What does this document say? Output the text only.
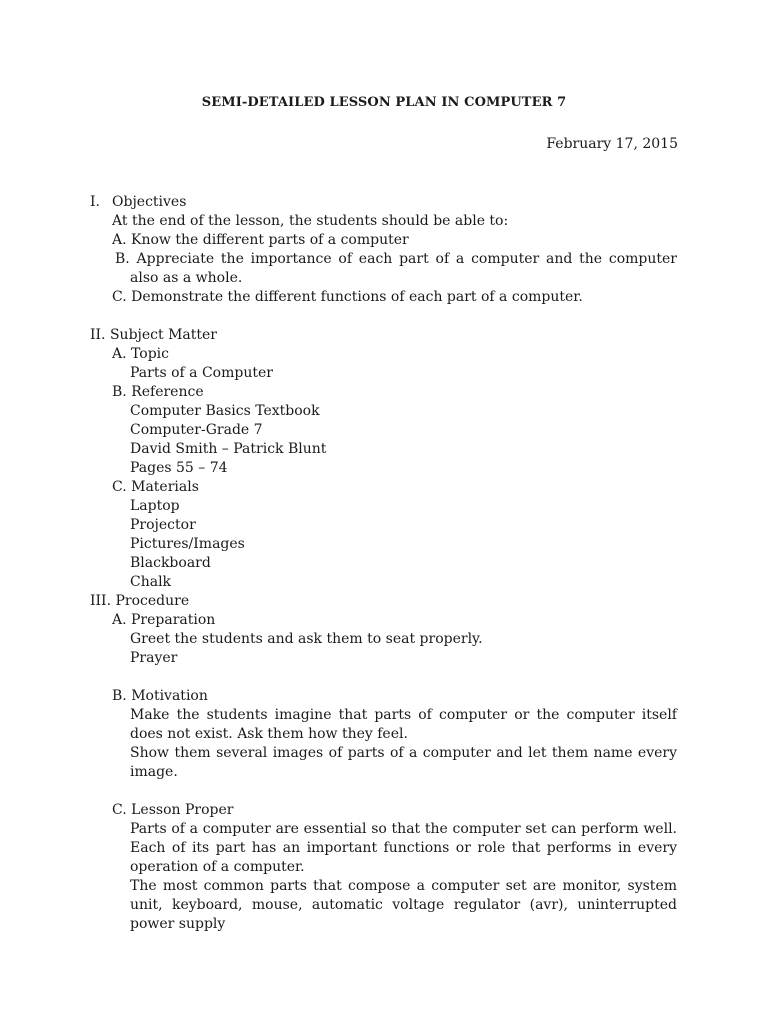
SEMI-DETAILED LESSON PLAN IN COMPUTER 7
February 17, 2015
I. Objectives
At the end of the lesson, the students should be able to:
A. Know the different parts of a computer
B. Appreciate the importance of each part of a computer and the computer also as a whole.
C. Demonstrate the different functions of each part of a computer.
II. Subject Matter
A. Topic
Parts of a Computer
B. Reference
Computer Basics Textbook
Computer-Grade 7
David Smith – Patrick Blunt
Pages 55 – 74
C. Materials
Laptop
Projector
Pictures/Images
Blackboard
Chalk
III. Procedure
A. Preparation
Greet the students and ask them to seat properly.
Prayer
B. Motivation
Make the students imagine that parts of computer or the computer itself does not exist. Ask them how they feel.
Show them several images of parts of a computer and let them name every image.
C. Lesson Proper
Parts of a computer are essential so that the computer set can perform well. Each of its part has an important functions or role that performs in every operation of a computer.
The most common parts that compose a computer set are monitor, system unit, keyboard, mouse, automatic voltage regulator (avr), uninterrupted power supply
